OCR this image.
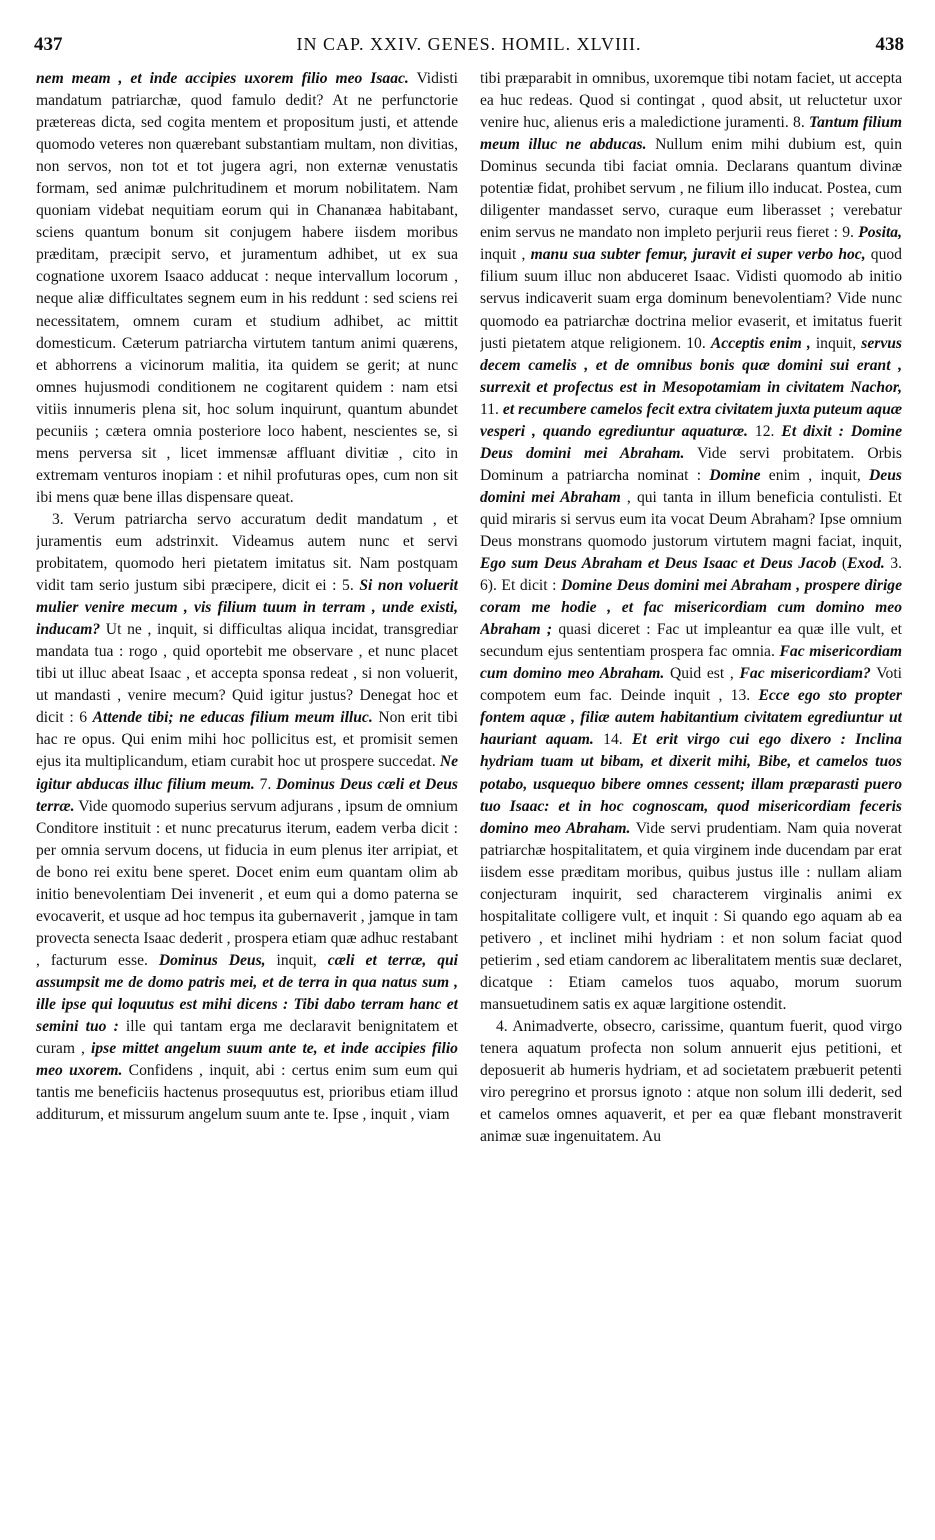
437	IN CAP. XXIV. GENES. HOMIL. XLVIII.	438

nem meam , et inde accipies uxorem filio meo Isaac. Vidisti mandatum patriarchæ, quod famulo dedit? At ne perfunctorie prætereas dicta, sed cogita mentem et propositum justi, et attende quomodo veteres non quærebant substantiam multam, non divitias, non servos, non tot et tot jugera agri, non externæ venustatis formam, sed animæ pulchritudinem et morum nobilitatem. Nam quoniam videbat nequitiam eorum qui in Chananæa habitabant, sciens quantum bonum sit conjugem habere iisdem moribus præditam, præcipit servo, et juramentum adhibet, ut ex sua cognatione uxorem Isaaco adducat : neque intervallum locorum , neque aliæ difficultates segnem eum in his reddunt : sed sciens rei necessitatem, omnem curam et studium adhibet, ac mittit domesticum. Cæterum patriarcha virtutem tantum animi quærens, et abhorrens a vicinorum malitia, ita quidem se gerit; at nunc omnes hujusmodi conditionem ne cogitarent quidem : nam etsi vitiis innumeris plena sit, hoc solum inquirunt, quantum abundet pecuniis ; cætera omnia posteriore loco habent, nescientes se, si mens perversa sit , licet immensæ affluant divitiæ , cito in extremam venturos inopiam : et nihil profuturas opes, cum non sit ibi mens quæ bene illas dispensare queat.

3. Verum patriarcha servo accuratum dedit mandatum , et juramentis eum adstrinxit. Videamus autem nunc et servi probitatem, quomodo heri pietatem imitatus sit. Nam postquam vidit tam serio justum sibi præcipere, dicit ei : 5. Si non voluerit mulier venire mecum , vis filium tuum in terram , unde existi, inducam? Ut ne , inquit, si difficultas aliqua incidat, transgrediar mandata tua : rogo , quid oportebit me observare , et nunc placet tibi ut illuc abeat Isaac , et accepta sponsa redeat , si non voluerit, ut mandasti , venire mecum? Quid igitur justus? Denegat hoc et dicit : 6 Attende tibi; ne educas filium meum illuc. Non erit tibi hac re opus. Qui enim mihi hoc pollicitus est, et promisit semen ejus ita multiplicandum, etiam curabit hoc ut prospere succedat. Ne igitur abducas illuc filium meum. 7. Dominus Deus cæli et Deus terræ. Vide quomodo superius servum adjurans , ipsum de omnium Conditore instituit : et nunc precaturus iterum, eadem verba dicit : per omnia servum docens, ut fiducia in eum plenus iter arripiat, et de bono rei exitu bene speret. Docet enim eum quantam olim ab initio benevolentiam Dei invenerit , et eum qui a domo paterna se evocaverit, et usque ad hoc tempus ita gubernaverit , jamque in tam provecta senecta Isaac dederit , prospera etiam quæ adhuc restabant , facturum esse. Dominus Deus, inquit, cæli et terræ, qui assumpsit me de domo patris mei, et de terra in qua natus sum , ille ipse qui loquutus est mihi dicens : Tibi dabo terram hanc et semini tuo : ille qui tantam erga me declaravit benignitatem et curam , ipse mittet angelum suum ante te, et inde accipies filio meo uxorem. Confidens , inquit, abi : certus enim sum eum qui tantis me beneficiis hactenus prosequutus est, prioribus etiam illud additurum, et missurum angelum suum ante te. Ipse , inquit , viam

tibi præparabit in omnibus, uxoremque tibi notam faciet, ut accepta ea huc redeas. Quod si contingat , quod absit, ut reluctetur uxor venire huc, alienus eris a maledictione juramenti. 8. Tantum filium meum illuc ne abducas. Nullum enim mihi dubium est, quin Dominus secunda tibi faciat omnia. Declarans quantum divinæ potentiæ fidat, prohibet servum , ne filium illo inducat. Postea, cum diligenter mandasset servo, curaque eum liberasset ; verebatur enim servus ne mandato non impleto perjurii reus fieret : 9. Posita, inquit , manu sua subter femur, juravit ei super verbo hoc, quod filium suum illuc non abduceret Isaac. Vidisti quomodo ab initio servus indicaverit suam erga dominum benevolentiam? Vide nunc quomodo ea patriarchæ doctrina melior evaserit, et imitatus fuerit justi pietatem atque religionem. 10. Acceptis enim , inquit, servus decem camelis , et de omnibus bonis quæ domini sui erant , surrexit et profectus est in Mesopotamiam in civitatem Nachor, 11. et recumbere camelos fecit extra civitatem juxta puteum aquæ vesperi , quando egrediuntur aquaturæ. 12. Et dixit : Domine Deus domini mei Abraham. Vide servi probitatem. Orbis Dominum a patriarcha nominat : Domine enim , inquit, Deus domini mei Abraham , qui tanta in illum beneficia contulisti. Et quid miraris si servus eum ita vocat Deum Abraham? Ipse omnium Deus monstrans quomodo justorum virtutem magni faciat, inquit, Ego sum Deus Abraham et Deus Isaac et Deus Jacob (Exod. 3. 6). Et dicit : Domine Deus domini mei Abraham , prospere dirige coram me hodie , et fac misericordiam cum domino meo Abraham ; quasi diceret : Fac ut impleantur ea quæ ille vult, et secundum ejus sententiam prospera fac omnia. Fac misericordiam cum domino meo Abraham. Quid est , Fac misericordiam? Voti compotem eum fac. Deinde inquit , 13. Ecce ego sto propter fontem aquæ , filiæ autem habitantium civitatem egrediuntur ut hauriant aquam. 14. Et erit virgo cui ego dixero : Inclina hydriam tuam ut bibam, et dixerit mihi, Bibe, et camelos tuos potabo, usquequo bibere omnes cessent; illam præparasti puero tuo Isaac: et in hoc cognoscam, quod misericordiam feceris domino meo Abraham. Vide servi prudentiam. Nam quia noverat patriarchæ hospitalitatem, et quia virginem inde ducendam par erat iisdem esse præditam moribus, quibus justus ille : nullam aliam conjecturam inquirit, sed characterem virginalis animi ex hospitalitate colligere vult, et inquit : Si quando ego aquam ab ea petivero , et inclinet mihi hydriam : et non solum faciat quod petierim , sed etiam candorem ac liberalitatem mentis suæ declaret, dicatque : Etiam camelos tuos aquabo, morum suorum mansuetudinem satis ex aquæ largitione ostendit.

4. Animadverte, obsecro, carissime, quantum fuerit, quod virgo tenera aquatum profecta non solum annuerit ejus petitioni, et deposuerit ab humeris hydriam, et ad societatem præbuerit petenti viro peregrino et prorsus ignoto : atque non solum illi dederit, sed et camelos omnes aquaverit, et per ea quæ flebant monstraverit animæ suæ ingenuitatem. Au
